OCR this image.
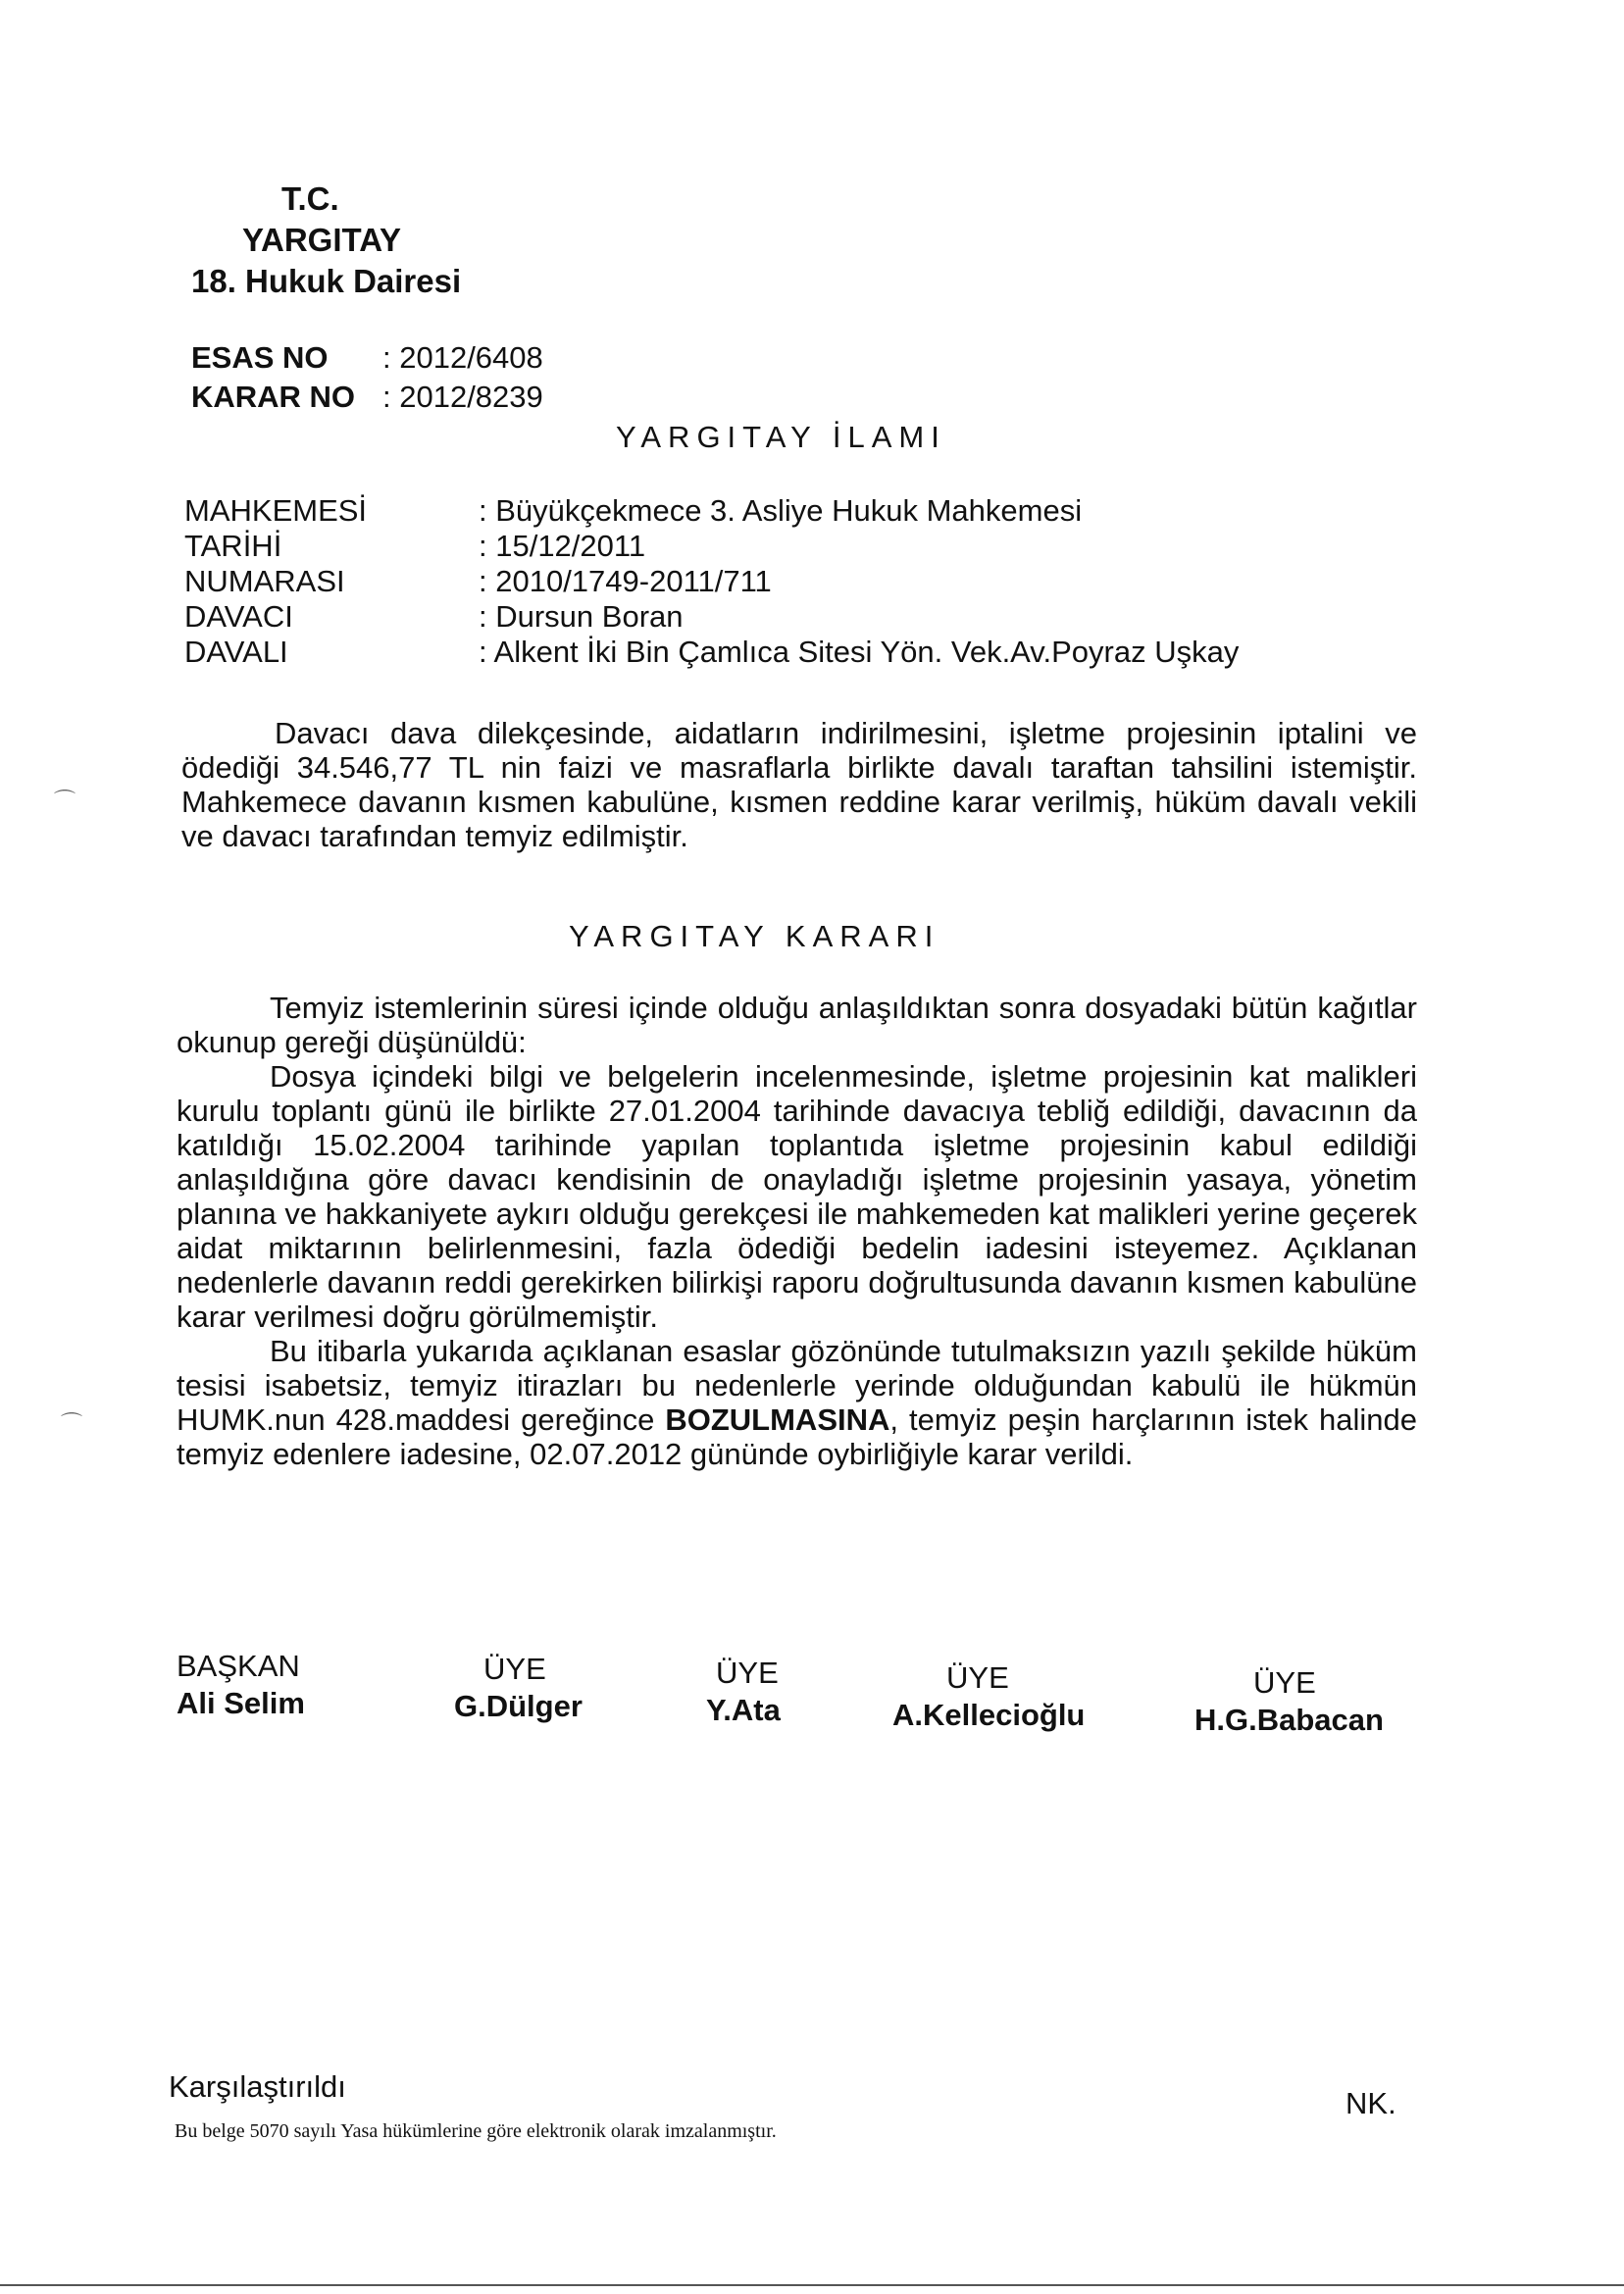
T.C.
YARGITAY
18. Hukuk Dairesi
ESAS NO : 2012/6408
KARAR NO : 2012/8239
YARGITAY İLAMI
MAHKEMESİ	: Büyükçekmece 3. Asliye Hukuk Mahkemesi
TARİHİ	: 15/12/2011
NUMARASI	: 2010/1749-2011/711
DAVACI	: Dursun Boran
DAVALI	: Alkent İki Bin Çamlıca Sitesi Yön. Vek.Av.Poyraz Uşkay

Davacı dava dilekçesinde, aidatların indirilmesini, işletme projesinin iptalini ve ödediği 34.546,77 TL nin faizi ve masraflarla birlikte davalı taraftan tahsilini istemiştir. Mahkemece davanın kısmen kabulüne, kısmen reddine karar verilmiş, hüküm davalı vekili ve davacı tarafından temyiz edilmiştir.

YARGITAY KARARI

Temyiz istemlerinin süresi içinde olduğu anlaşıldıktan sonra dosyadaki bütün kağıtlar okunup gereği düşünüldü:

Dosya içindeki bilgi ve belgelerin incelenmesinde, işletme projesinin kat malikleri kurulu toplantı günü ile birlikte 27.01.2004 tarihinde davacıya tebliğ edildiği, davacının da katıldığı 15.02.2004 tarihinde yapılan toplantıda işletme projesinin kabul edildiği anlaşıldığına göre davacı kendisinin de onayladığı işletme projesinin yasaya, yönetim planına ve hakkaniyete aykırı olduğu gerekçesi ile mahkemeden kat malikleri yerine geçerek aidat miktarının belirlenmesini, fazla ödediği bedelin iadesini isteyemez. Açıklanan nedenlerle davanın reddi gerekirken bilirkişi raporu doğrultusunda davanın kısmen kabulüne karar verilmesi doğru görülmemiştir.

Bu itibarla yukarıda açıklanan esaslar gözönünde tutulmaksızın yazılı şekilde hüküm tesisi isabetsiz, temyiz itirazları bu nedenlerle yerinde olduğundan kabulü ile hükmün HUMK.nun 428.maddesi gereğince BOZULMASINA, temyiz peşin harçlarının istek halinde temyiz edenlere iadesine, 02.07.2012 gününde oybirliğiyle karar verildi.

BAŞKAN
Ali Selim
ÜYE
G.Dülger
ÜYE
Y.Ata
ÜYE
A.Kellecioğlu
ÜYE
H.G.Babacan
Karşılaştırıldı	NK.
Bu belge 5070 sayılı Yasa hükümlerine göre elektronik olarak imzalanmıştır.
⌒
⌒
